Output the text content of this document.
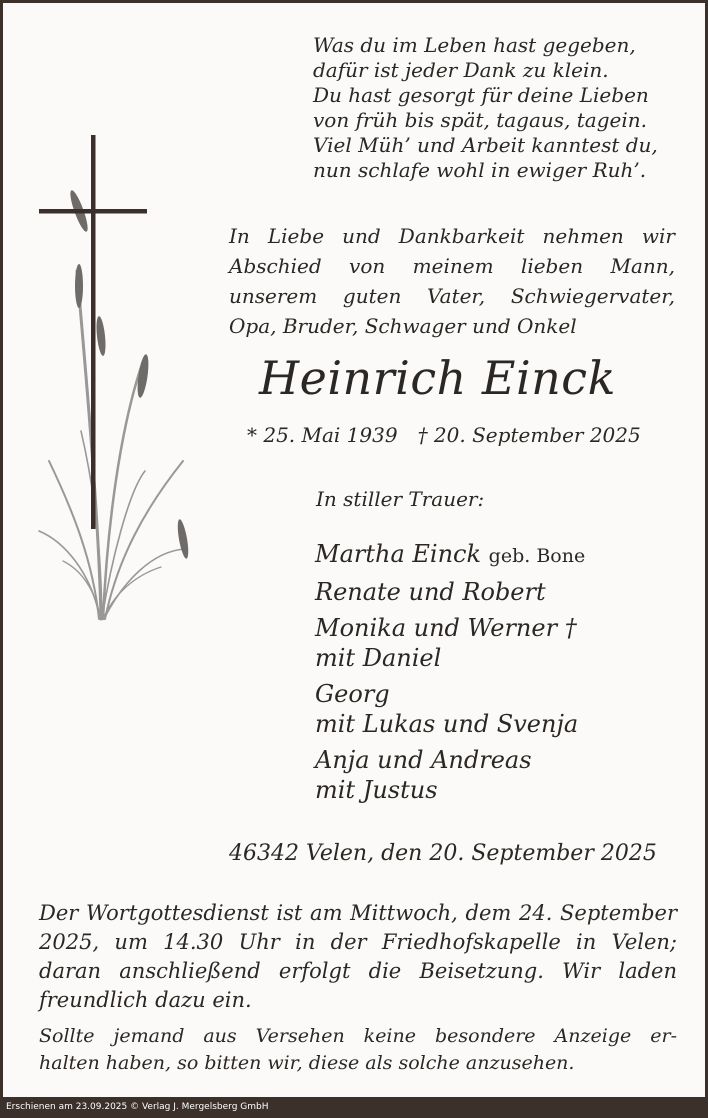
Was du im Leben hast gegeben,
dafür ist jeder Dank zu klein.
Du hast gesorgt für deine Lieben
von früh bis spät, tagaus, tagein.
Viel Müh’ und Arbeit kanntest du,
nun schlafe wohl in ewiger Ruh’.
In Liebe und Dankbarkeit nehmen wir
Abschied von meinem lieben Mann,
unserem guten Vater, Schwiegervater,
Opa, Bruder, Schwager und Onkel
Heinrich Einck
* 25. Mai 1939 † 20. September 2025
In stiller Trauer:
Martha Einck geb. Bone
Renate und Robert
Monika und Werner †
mit Daniel
Georg
mit Lukas und Svenja
Anja und Andreas
mit Justus
46342 Velen, den 20. September 2025
Der Wortgottesdienst ist am Mittwoch, dem 24. September
2025, um 14.30 Uhr in der Friedhofskapelle in Velen;
daran anschließend erfolgt die Beisetzung. Wir laden
freundlich dazu ein.
Sollte jemand aus Versehen keine besondere Anzeige er-
halten haben, so bitten wir, diese als solche anzusehen.
Erschienen am 23.09.2025 © Verlag J. Mergelsberg GmbH
